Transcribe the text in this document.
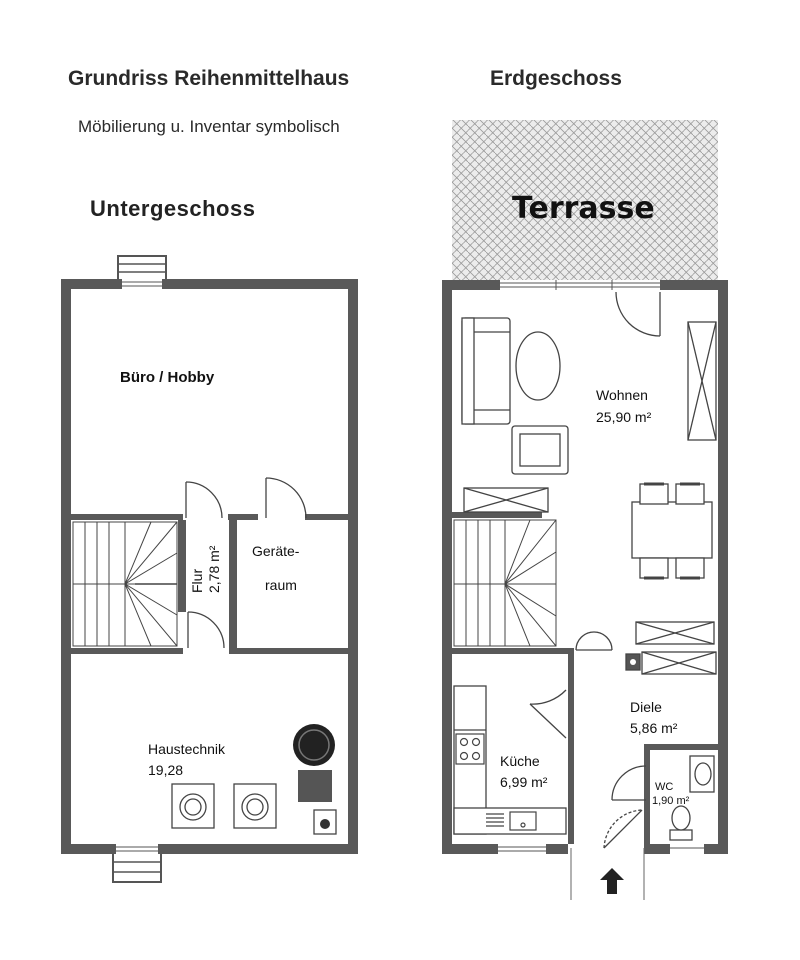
Grundriss Reihenmittelhaus	Erdgeschoss
Möbilierung u. Inventar symbolisch
Untergeschoss
Büro / Hobby
Flur 2,78 m² Geräte-
raum
Haustechnik
19,28
Terrasse
Wohnen
25,90 m²
Diele
5,86 m²
Küche
6,99 m²	WC
1,90 m²
